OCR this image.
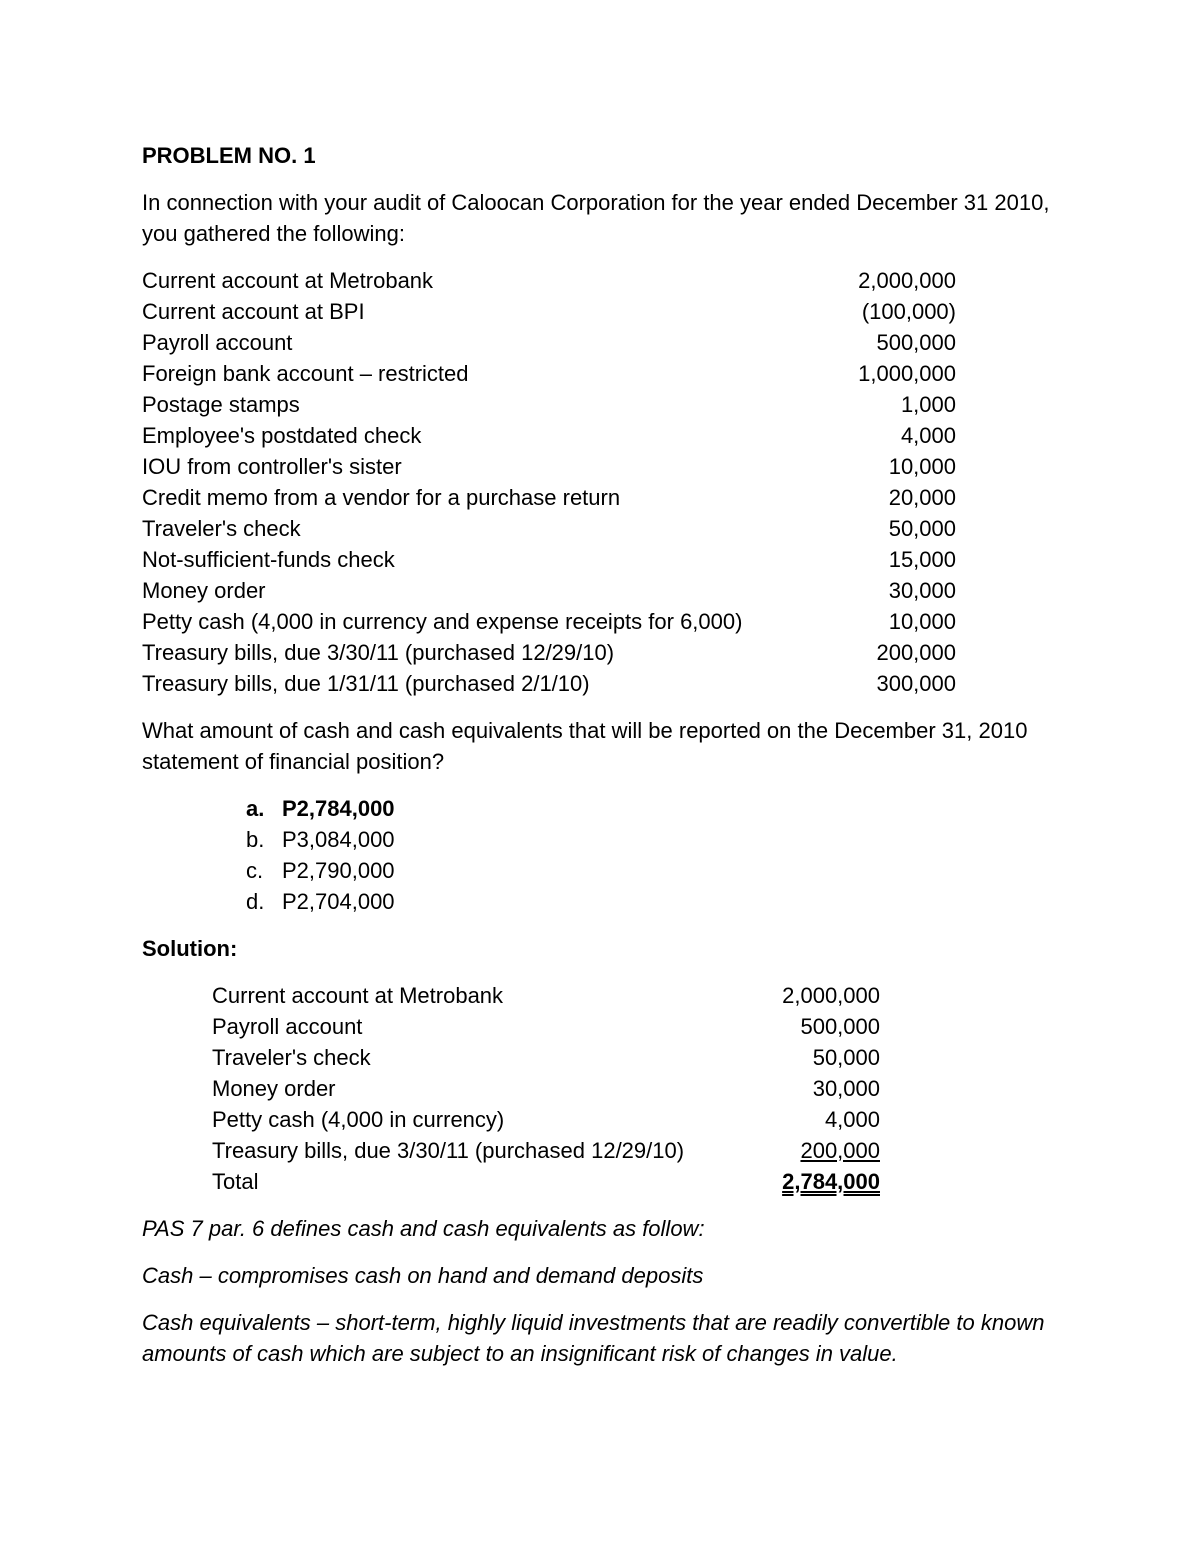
PROBLEM NO. 1

In connection with your audit of Caloocan Corporation for the year ended December 31 2010, you gathered the following:

Current account at Metrobank	2,000,000
Current account at BPI	(100,000)
Payroll account	500,000
Foreign bank account – restricted	1,000,000
Postage stamps	1,000
Employee's postdated check	4,000
IOU from controller's sister	10,000
Credit memo from a vendor for a purchase return	20,000
Traveler's check	50,000
Not-sufficient-funds check	15,000
Money order	30,000
Petty cash (4,000 in currency and expense receipts for 6,000)	10,000
Treasury bills, due 3/30/11 (purchased 12/29/10)	200,000
Treasury bills, due 1/31/11 (purchased 2/1/10)	300,000

What amount of cash and cash equivalents that will be reported on the December 31, 2010 statement of financial position?

a. P2,784,000
b. P3,084,000
c. P2,790,000
d. P2,704,000

Solution:

Current account at Metrobank	2,000,000
Payroll account	500,000
Traveler's check	50,000
Money order	30,000
Petty cash (4,000 in currency)	4,000
Treasury bills, due 3/30/11 (purchased 12/29/10)	200,000
Total	2,784,000

PAS 7 par. 6 defines cash and cash equivalents as follow:

Cash – compromises cash on hand and demand deposits

Cash equivalents – short-term, highly liquid investments that are readily convertible to known amounts of cash which are subject to an insignificant risk of changes in value.
